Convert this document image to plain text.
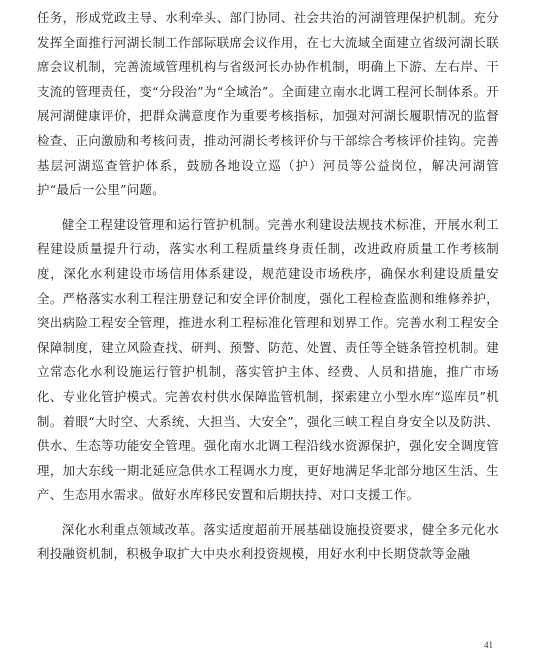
任务，形成党政主导、水利牵头、部门协同、社会共治的河湖管理保护机制。充分发挥全面推行河湖长制工作部际联席会议作用，在七大流域全面建立省级河湖长联席会议机制，完善流域管理机构与省级河长办协作机制，明确上下游、左右岸、干支流的管理责任，变“分段治”为“全域治”。全面建立南水北调工程河长制体系。开展河湖健康评价，把群众满意度作为重要考核指标，加强对河湖长履职情况的监督检查、正向激励和考核问责，推动河湖长考核评价与干部综合考核评价挂钩。完善基层河湖巡查管护体系，鼓励各地设立巡（护）河员等公益岗位，解决河湖管护“最后一公里”问题。

健全工程建设管理和运行管护机制。完善水利建设法规技术标准，开展水利工程建设质量提升行动，落实水利工程质量终身责任制，改进政府质量工作考核制度，深化水利建设市场信用体系建设，规范建设市场秩序，确保水利建设质量安全。严格落实水利工程注册登记和安全评价制度，强化工程检查监测和维修养护，突出病险工程安全管理，推进水利工程标准化管理和划界工作。完善水利工程安全保障制度，建立风险查找、研判、预警、防范、处置、责任等全链条管控机制。建立常态化水利设施运行管护机制，落实管护主体、经费、人员和措施，推广市场化、专业化管护模式。完善农村供水保障监管机制，探索建立小型水库“巡库员”机制。着眼“大时空、大系统、大担当、大安全”，强化三峡工程自身安全以及防洪、供水、生态等功能安全管理。强化南水北调工程沿线水资源保护，强化安全调度管理，加大东线一期北延应急供水工程调水力度，更好地满足华北部分地区生活、生产、生态用水需求。做好水库移民安置和后期扶持、对口支援工作。

深化水利重点领域改革。落实适度超前开展基础设施投资要求，健全多元化水利投融资机制，积极争取扩大中央水利投资规模，用好水利中长期贷款等金融

41
